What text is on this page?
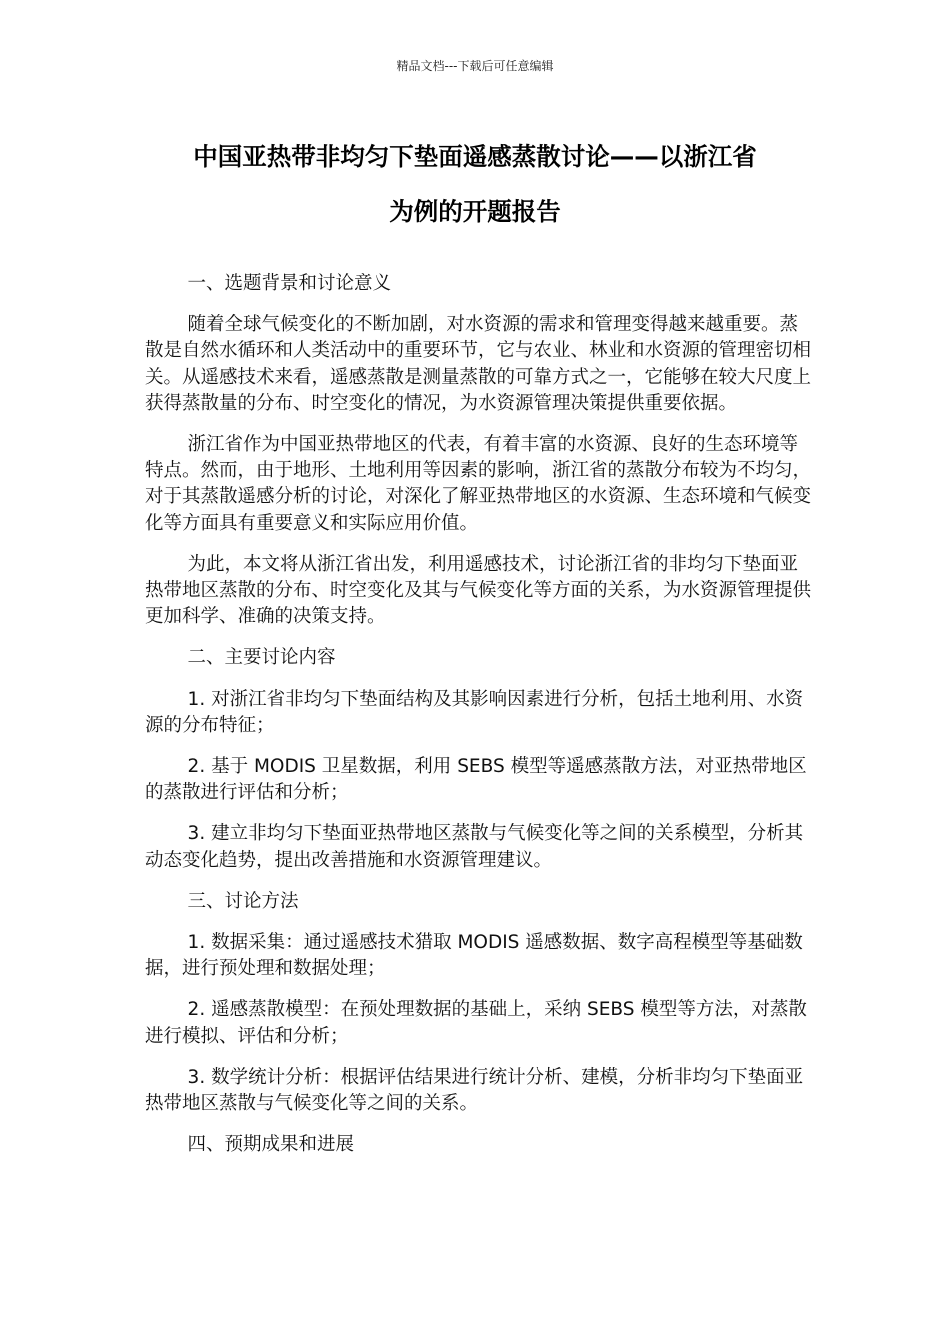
精品文档---下载后可任意编辑
中国亚热带非均匀下垫面遥感蒸散讨论——以浙江省
为例的开题报告

一、选题背景和讨论意义

随着全球气候变化的不断加剧，对水资源的需求和管理变得越来越重要。蒸散是自然水循环和人类活动中的重要环节，它与农业、林业和水资源的管理密切相关。从遥感技术来看，遥感蒸散是测量蒸散的可靠方式之一，它能够在较大尺度上获得蒸散量的分布、时空变化的情况，为水资源管理决策提供重要依据。

浙江省作为中国亚热带地区的代表，有着丰富的水资源、良好的生态环境等特点。然而，由于地形、土地利用等因素的影响，浙江省的蒸散分布较为不均匀，对于其蒸散遥感分析的讨论，对深化了解亚热带地区的水资源、生态环境和气候变化等方面具有重要意义和实际应用价值。

为此，本文将从浙江省出发，利用遥感技术，讨论浙江省的非均匀下垫面亚热带地区蒸散的分布、时空变化及其与气候变化等方面的关系，为水资源管理提供更加科学、准确的决策支持。

二、主要讨论内容

1. 对浙江省非均匀下垫面结构及其影响因素进行分析，包括土地利用、水资源的分布特征；

2. 基于 MODIS 卫星数据，利用 SEBS 模型等遥感蒸散方法，对亚热带地区的蒸散进行评估和分析；

3. 建立非均匀下垫面亚热带地区蒸散与气候变化等之间的关系模型，分析其动态变化趋势，提出改善措施和水资源管理建议。

三、讨论方法

1. 数据采集：通过遥感技术猎取 MODIS 遥感数据、数字高程模型等基础数据，进行预处理和数据处理；

2. 遥感蒸散模型：在预处理数据的基础上，采纳 SEBS 模型等方法，对蒸散进行模拟、评估和分析；

3. 数学统计分析：根据评估结果进行统计分析、建模，分析非均匀下垫面亚热带地区蒸散与气候变化等之间的关系。

四、预期成果和进展
